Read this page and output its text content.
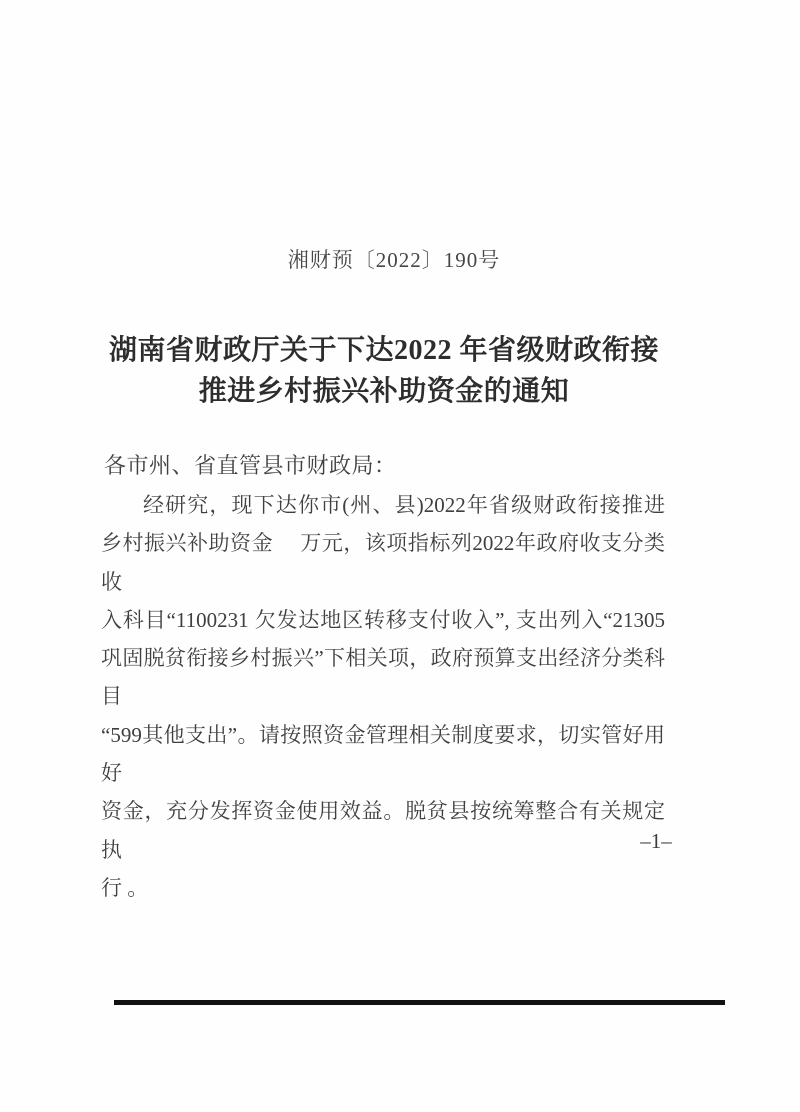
湘财预〔2022〕190号
湖南省财政厅关于下达2022 年省级财政衔接
推进乡村振兴补助资金的通知
各市州、省直管县市财政局：
经研究，现下达你市(州、县)2022年省级财政衔接推进
乡村振兴补助资金　 万元，该项指标列2022年政府收支分类收
入科目“1100231 欠发达地区转移支付收入”, 支出列入“21305
巩固脱贫衔接乡村振兴”下相关项，政府预算支出经济分类科目
“599其他支出”。请按照资金管理相关制度要求，切实管好用好
资金，充分发挥资金使用效益。脱贫县按统筹整合有关规定执
行 。
–1–
